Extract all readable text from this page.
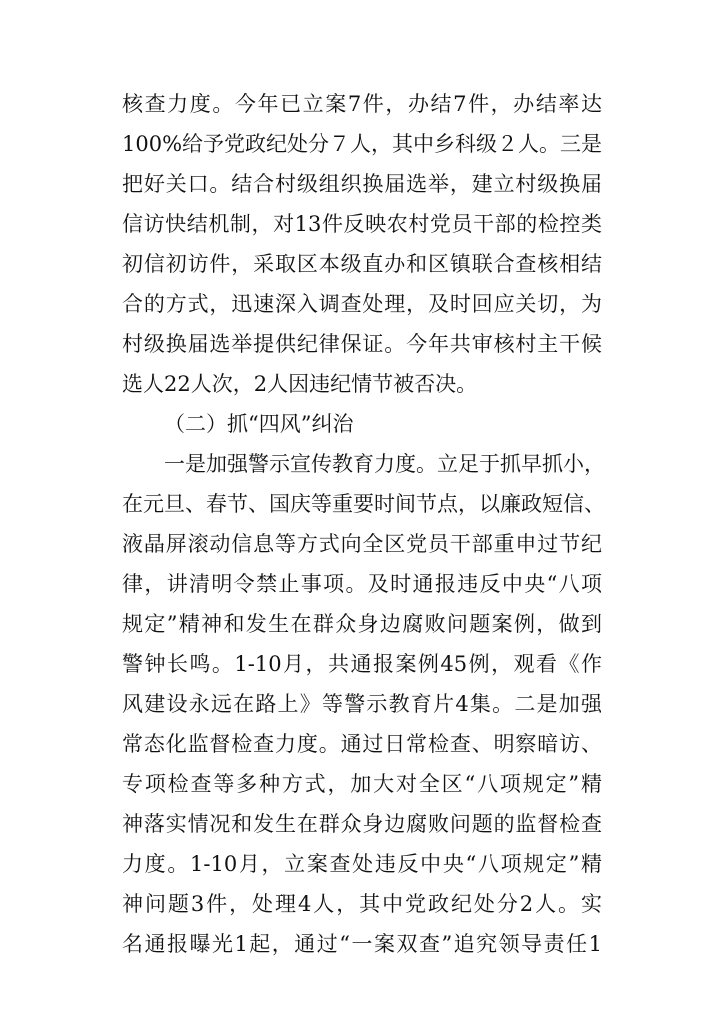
核查力度。今年已立案7件，办结7件，办结率达
100%给予党政纪处分７人，其中乡科级２人。三是
把好关口。结合村级组织换届选举，建立村级换届
信访快结机制，对13件反映农村党员干部的检控类
初信初访件，采取区本级直办和区镇联合查核相结
合的方式，迅速深入调查处理，及时回应关切，为
村级换届选举提供纪律保证。今年共审核村主干候
选人22人次，2人因违纪情节被否决。
（二）抓“四风”纠治
一是加强警示宣传教育力度。立足于抓早抓小，
在元旦、春节、国庆等重要时间节点，以廉政短信、
液晶屏滚动信息等方式向全区党员干部重申过节纪
律，讲清明令禁止事项。及时通报违反中央“八项
规定”精神和发生在群众身边腐败问题案例，做到
警钟长鸣。1-10月，共通报案例45例，观看《作
风建设永远在路上》等警示教育片4集。二是加强
常态化监督检查力度。通过日常检查、明察暗访、
专项检查等多种方式，加大对全区“八项规定”精
神落实情况和发生在群众身边腐败问题的监督检查
力度。1-10月，立案查处违反中央“八项规定”精
神问题3件，处理4人，其中党政纪处分2人。实
名通报曝光1起，通过“一案双查”追究领导责任1
